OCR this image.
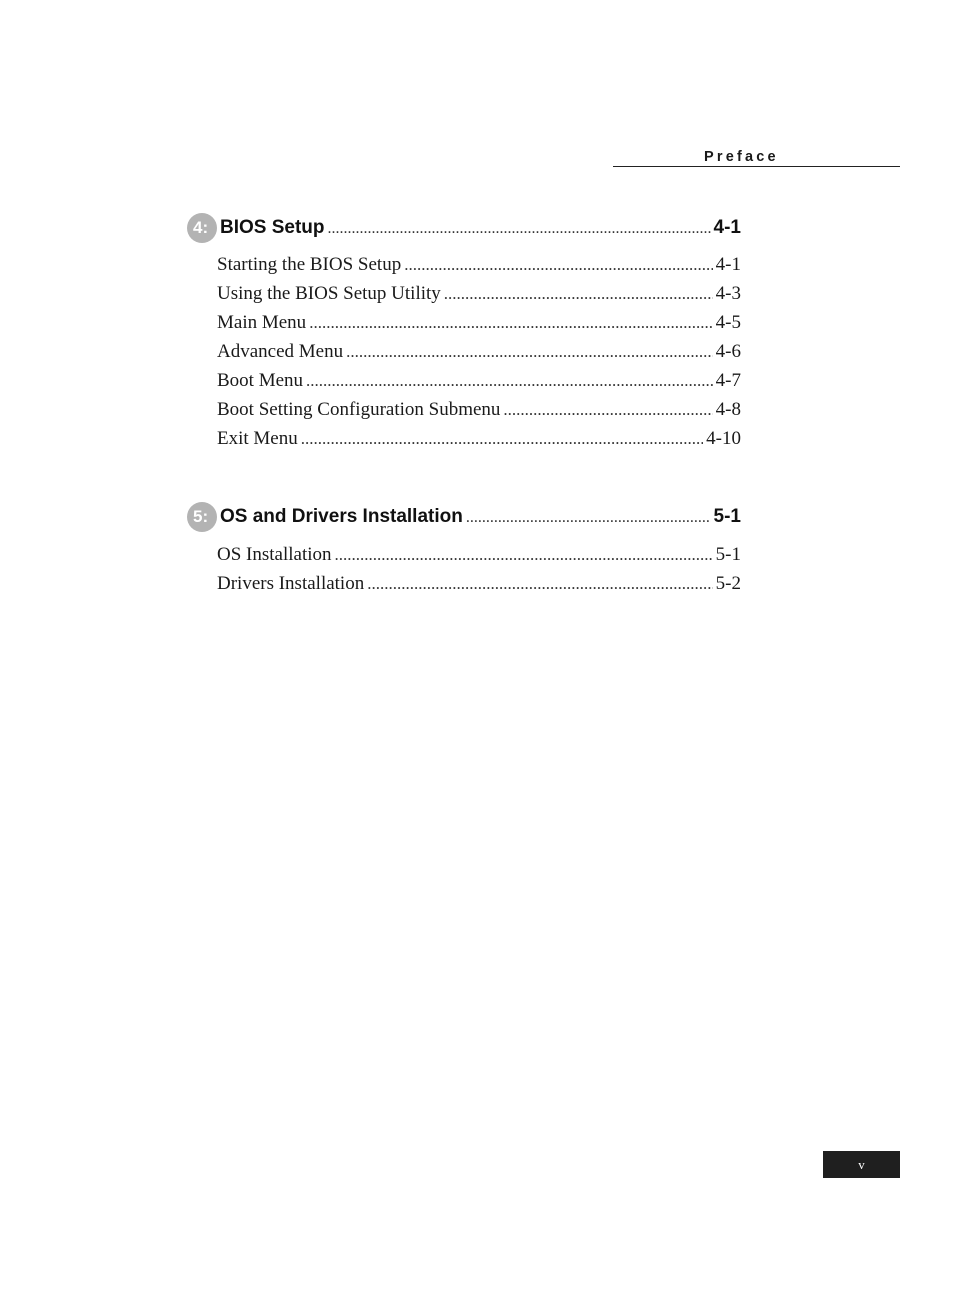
Preface
4: BIOS Setup .....	4-1
Starting the BIOS Setup .....	4-1
Using the BIOS Setup Utility .....	4-3
Main Menu .....	4-5
Advanced Menu .....	4-6
Boot Menu .....	4-7
Boot Setting Configuration Submenu .....	4-8
Exit Menu .....	4-10
5: OS and Drivers Installation .....	5-1
OS Installation .....	5-1
Drivers Installation .....	5-2
v
